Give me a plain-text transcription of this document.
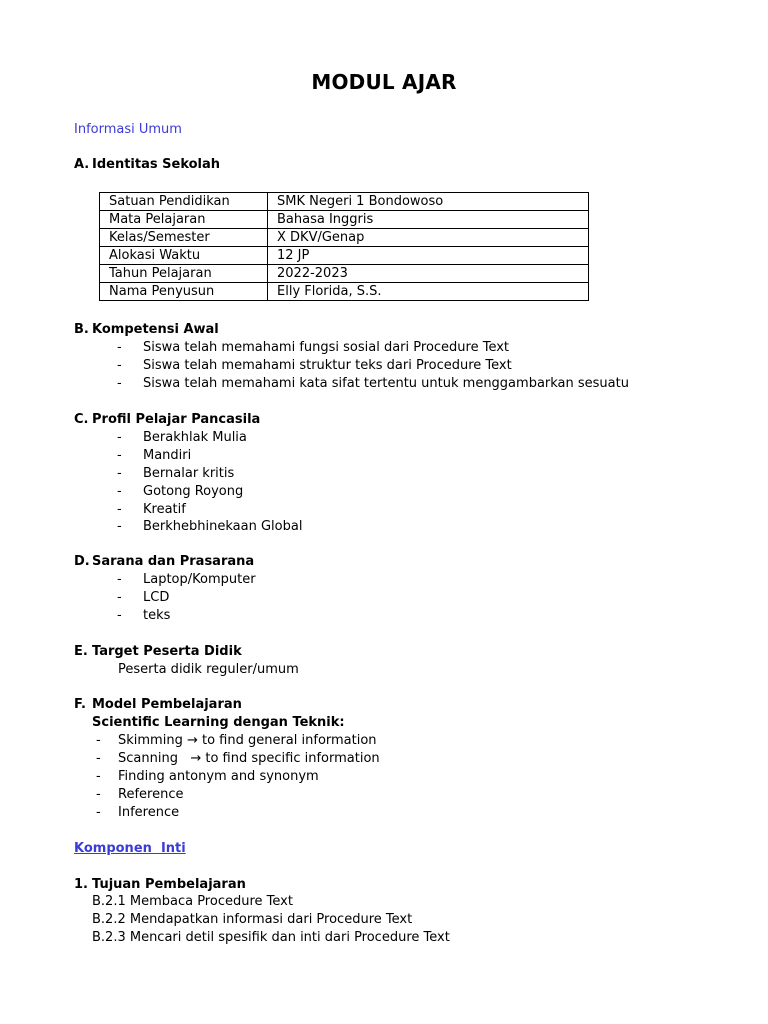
MODUL AJAR
Informasi Umum
A. Identitas Sekolah
Satuan Pendidikan	SMK Negeri 1 Bondowoso
Mata Pelajaran	Bahasa Inggris
Kelas/Semester	X DKV/Genap
Alokasi Waktu	12 JP
Tahun Pelajaran	2022-2023
Nama Penyusun	Elly Florida, S.S.
B. Kompetensi Awal
- Siswa telah memahami fungsi sosial dari Procedure Text
- Siswa telah memahami struktur teks dari Procedure Text
- Siswa telah memahami kata sifat tertentu untuk menggambarkan sesuatu
C. Profil Pelajar Pancasila
- Berakhlak Mulia
- Mandiri
- Bernalar kritis
- Gotong Royong
- Kreatif
- Berkhebhinekaan Global
D. Sarana dan Prasarana
- Laptop/Komputer
- LCD
- teks
E. Target Peserta Didik
Peserta didik reguler/umum
F. Model Pembelajaran
Scientific Learning dengan Teknik:
- Skimming → to find general information
- Scanning   → to find specific information
- Finding antonym and synonym
- Reference
- Inference
Komponen  Inti
1. Tujuan Pembelajaran
B.2.1 Membaca Procedure Text
B.2.2 Mendapatkan informasi dari Procedure Text
B.2.3 Mencari detil spesifik dan inti dari Procedure Text
